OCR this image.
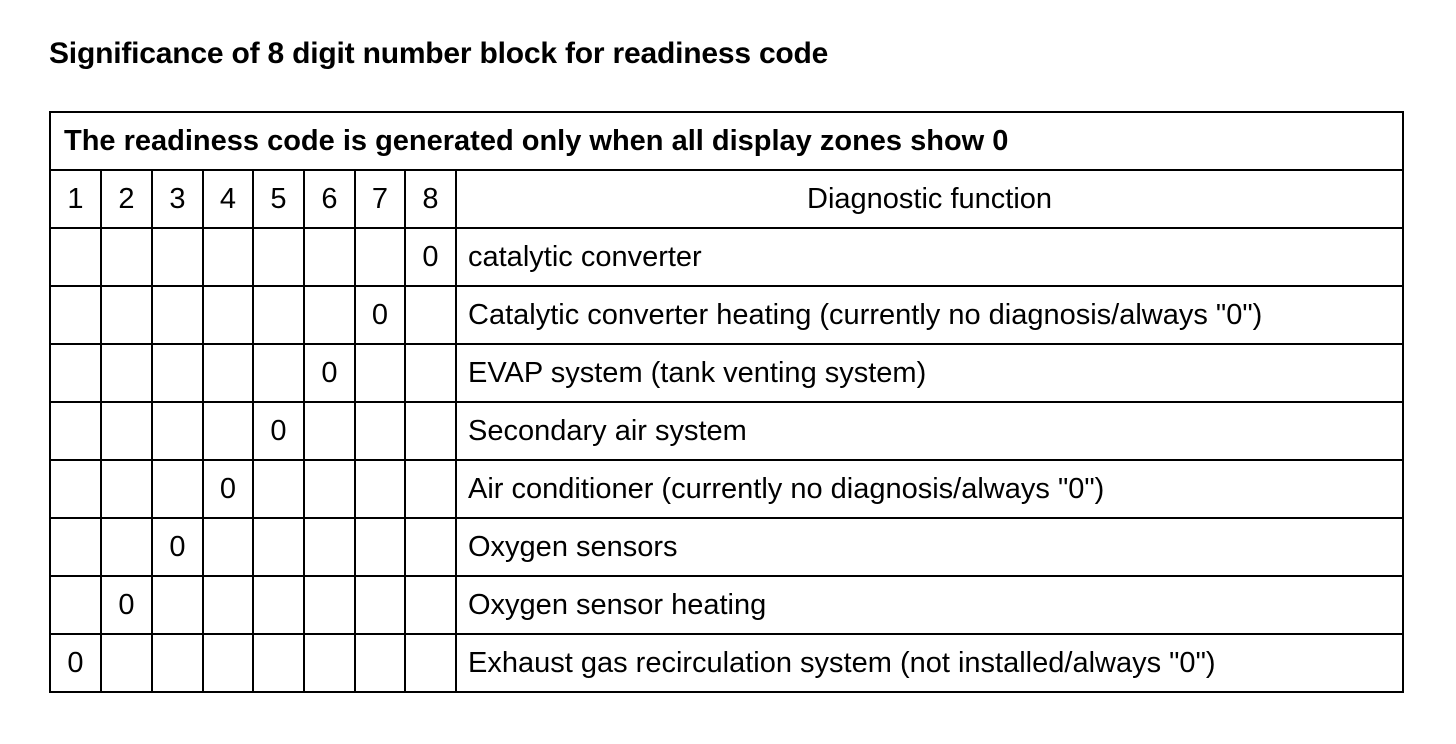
Significance of 8 digit number block for readiness code
The readiness code is generated only when all display zones show 0								
1	2	3	4	5	6	7	8	Diagnostic function
							0	catalytic converter
						0		Catalytic converter heating (currently no diagnosis/always "0")
					0			EVAP system (tank venting system)
				0				Secondary air system
			0					Air conditioner (currently no diagnosis/always "0")
		0						Oxygen sensors
	0							Oxygen sensor heating
0								Exhaust gas recirculation system (not installed/always "0")
